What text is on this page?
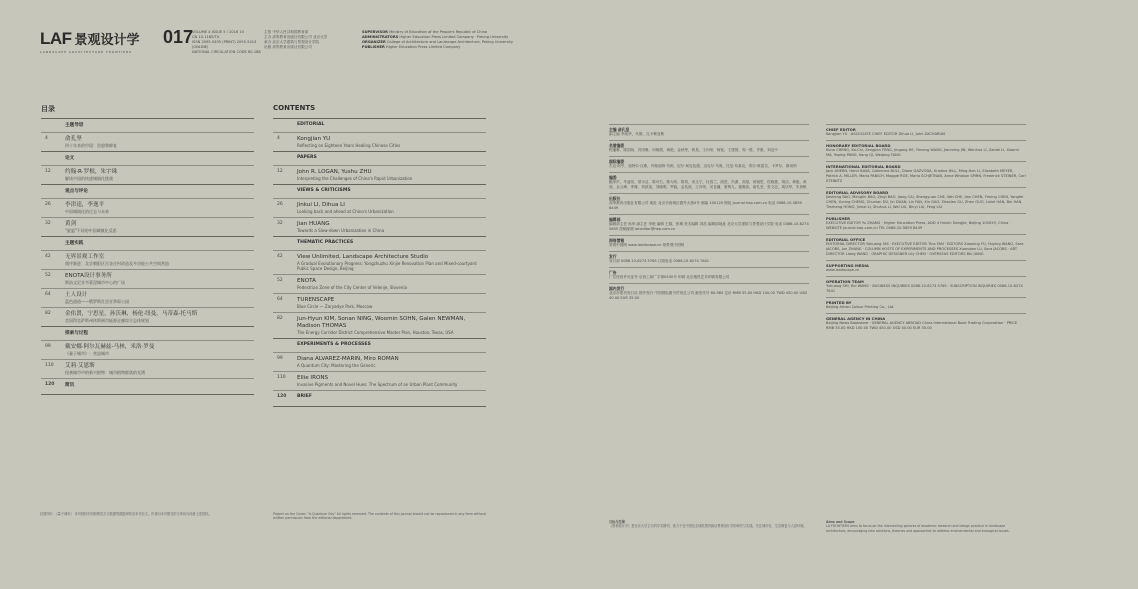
LAF 景观设计学
LANDSCAPE ARCHITECTURE FRONTIERS
017
VOLUME 4 ISSUE 5 / 2016 10
CN 10-1185/TU
ISSN 2095-5405 (PRINT) 2095-5413 (ONLINE)
NATIONAL CIRCULATION CODE 80-188
主管 中华人民共和国教育部
主办 高等教育出版社有限公司 北京大学
承办 北京大学建筑与景观设计学院
出版 高等教育出版社有限公司
SUPERVISOR Ministry of Education of the People's Republic of China
ADMINISTRATORS Higher Education Press Limited Company · Peking University
ORGANIZER College of Architecture and Landscape Architecture, Peking University
PUBLISHER Higher Education Press Limited Company
目录
主题导语
4	俞孔坚
四十年来的中国：治愈和修复
论文
12	约翰·R·罗根，朱宇珠
解读中国的快速城镇化挑战
观点与评论
26	李津逵，李逸平
中国城镇化的过去与未来
32	黄剑
"旋温"不同的中国城镇化反思
主题实践
42	无界景观工作室
循序渐进：北京朝阳区岳各庄村改造及多功能公共空间营造
52	ENOTA设计事务所
斯洛文尼亚韦莱涅城市中心的广场
64	土人设计
蓝色通道——俄罗斯扎里亚季耶公园
82	金佑贤，宁思星，孙沃琳，杨伦·纽曼，马蒂森·托马斯
美国得克萨斯州休斯顿市能源走廊综合总体规划
探索与过程
99	戴安娜·阿尔瓦赫兹-马林，米洛·罗曼
《量子城市》：营造城市
110 艾莉·艾恩斯
侵袭城市中的新兴植物：城市植物群落的光谱
120 简讯
CONTENTS
EDITORIAL
4	Kongjian YU
Reflecting on Eighteen Years Healing Chinese Cities
PAPERS
12	John R. LOGAN, Yushu ZHU
Interpreting the Challenges of China's Rapid Urbanization
VIEWS & CRITICISMS
26	Jinkui LI, Dihua LI
Looking back and ahead at China's Urbanization
32	Jian HUANG
Towards a Slow-down Urbanization in China
THEMATIC PRACTICES
42	View Unlimited, Landscape Architecture Studio
A Gradual Evolutionary Progress: Yongzhuzhu Xinjie Renovation Plan and Mixed-courtyard Public Space Design, Beijing
52	ENOTA
Pedestrian Zone of the City Center of Velenje, Slovenia
64	TURENSCAPE
Blue Circle — Zaryadye Park, Moscow
82	Jun-Hyun KIM, Sonan NING, Woomin SOHN, Galen NEWMAN, Madison THOMAS
The Energy Corridor District Comprehensive Master Plan, Houston, Texas, USA
EXPERIMENTS & PROCESSES
99	Diana ALVAREZ-MARIN, Miro ROMAN
A Quantum City: Mastering the Generic
110 Ellie IRONS
Invasive Pigments and Novel Hues: The Spectrum of an Urban Plant Community
120 BRIEF
主编 俞孔坚
副主编 李迪华，代娟，扎卡赖亚斯
名誉编委
程潘琳，陈国扬，冯国珊，何敏娟，黄艳，金秋等，郭星，王向荣，杨锐，王建国，郭一胜，齐康，刘良中
国际编委
杰克·阿亨，迪特尔·汉斯，玛格丽特·布朗，尼尔·柯克伍德，迈克尔·马奥，托尼·布莱克，埃尔·维雷拉，卡罗尔，斯坦纳
编委
鲍家声，毕凌岚，蔡永洁，陈可石，陈为邦，陈易，成玉宁，杜春兰，段进，冯潇，高翔，何镜堂，侯晓蕾，胡洁，黄艳，黄迪，金云峰，李雄，刘滨谊，刘晓明，罗毅，孟兆祯，王向荣，吴良镛，夏铸九，谢凝高，俞孔坚，张文忠，周庆华，朱育帆
出版社
高等教育出版社有限公司 地址 北京市西城区德外大街4号 邮编 100120 网址 journal.hep.com.cn 电话 0086-10-5859 8449
编辑部
编辑部主任 孙华 副主任 李艳 编辑 王娟，张琳 美术编辑 刘浩 编辑部地址 北京大学建筑与景观设计学院 电话 0086-10-6274 5605 投稿邮箱 laf.editor@hep.com.cn
网络营销
景观中国网 www.landscape.cn @景观中国网
发行
发行部 0086-10-6274 5765 订阅电话 0086-10-6274 7641
广告
广告经营许可证号 京西工商广字第0430号 印刷 北京雅昌艺术印刷有限公司
国内发行
北京市报刊发行局 国外发行 中国国际图书贸易总公司 邮发代号 80-985 定价 RMB 55.00 HKD 100.00 TWD 450.00 USD 40.00 EUR 35.00
CHIEF EDITOR
Kongjian YU · ASSOCIATE CHIEF EDITOR Dihua LI, John ZACHARIAS
HONORARY EDITORIAL BOARD
Kuno CHENG, Ka-Chi, Zengjian FENG, Jingang HE, Yimeng WANG, Jianming JIN, Wenhua LI, Zanlei LI, Xiaomi MA, Yaping PANG, Kang QI, Weiping TANG
INTERNATIONAL EDITORIAL BOARD
Jack AHERN, Henri BAVA, Catherine BULL, Diane GAZVODA, Kristina HILL, Ming-Han LI, Elizabeth MEYER, Patrick A. MILLER, Maria PANICH, Maggie ROE, Mario SCHJETNAN, Anne Whiston SPIRN, Frederick STEINER, Carl STEINITZ
EDITORIAL ADVISORY BOARD
Jiasheng BAO, Menglin BAO, Zhigi BAO, Jiang CAI, Shengyuan CHE, Wei CHE, Jian CHEN, Yiming CHEN, Yongfei CHEN, Yuning CHENG, Chunlan DU, Jin DUAN, Lin FAN, Xin GAO, Zhaolan GU, Zhen GUO, Linlei HAN, Bin HAN, Tiezheng HONG, Jinhai LI, Shuhua LI, Wei LIU, Binyi LIU, Feng LIU
PUBLISHER
EXECUTIVE EDITOR Yu ZHANG · Higher Education Press, ADD 4 Huixin Dongjie, Beijing 100029, China · WEBSITE journal.hep.com.cn TEL 0086-10-5859 8449
EDITORIAL OFFICE
EDITORIAL DIRECTOR Yuhuang SHI · EXECUTIVE EDITOR Tina FAN · EDITORS Xiaoning FU, Huying WANG, Sara JACOBS, Jun ZHANG · COLUMN HOSTS OF EXPERIMENTS AND PROCESSES Xuanqian LU, Sara JACOBS · ART DIRECTOR Liang WANG · GRAPHIC DESIGNER Lily CHEN · OVERSEAS EDITORS Bin JIANG
SUPPORTING MEDIA
www.landscape.cn
OPERATION TEAM
Yuhuang SHI, Rui WANG · BUSINESS INQUIRIES 0086-10-6274 5765 · SUBSCRIPTION INQUIRIES 0086-10-6274 7641
PRINTED BY
Beijing Artron Colour Printing Co., Ltd.
GENERAL AGENCY IN CHINA
Beijing News Bookstore · GENERAL AGENCY ABROAD China International Book Trading Corporation · PRICE RMB 55.00 HKD 100.00 TWD 450.00 USD 40.00 EUR 35.00
封面图片：《量子城市》 本刊授权中国知网及万方数据等数据库收录本刊全文。作者向本刊提交的文章视为同意上述授权。	Project on the Cover: "A Quantum City" All rights reserved. The contents of this journal should not be reproduced in any form without written permission from the editorial department.
目标与范围
《景观设计学》是北京大学主办的学术期刊，致力于在中国及全球范围内推动景观设计学的研究与实践，关注城市化、生态修复与人居环境。
Aims and Scope
LA FRONTIERS aims to focus on the intersecting spheres of academic research and design practice in landscape architecture, encouraging new solutions, theories and approaches to address environmental and ecological issues.
